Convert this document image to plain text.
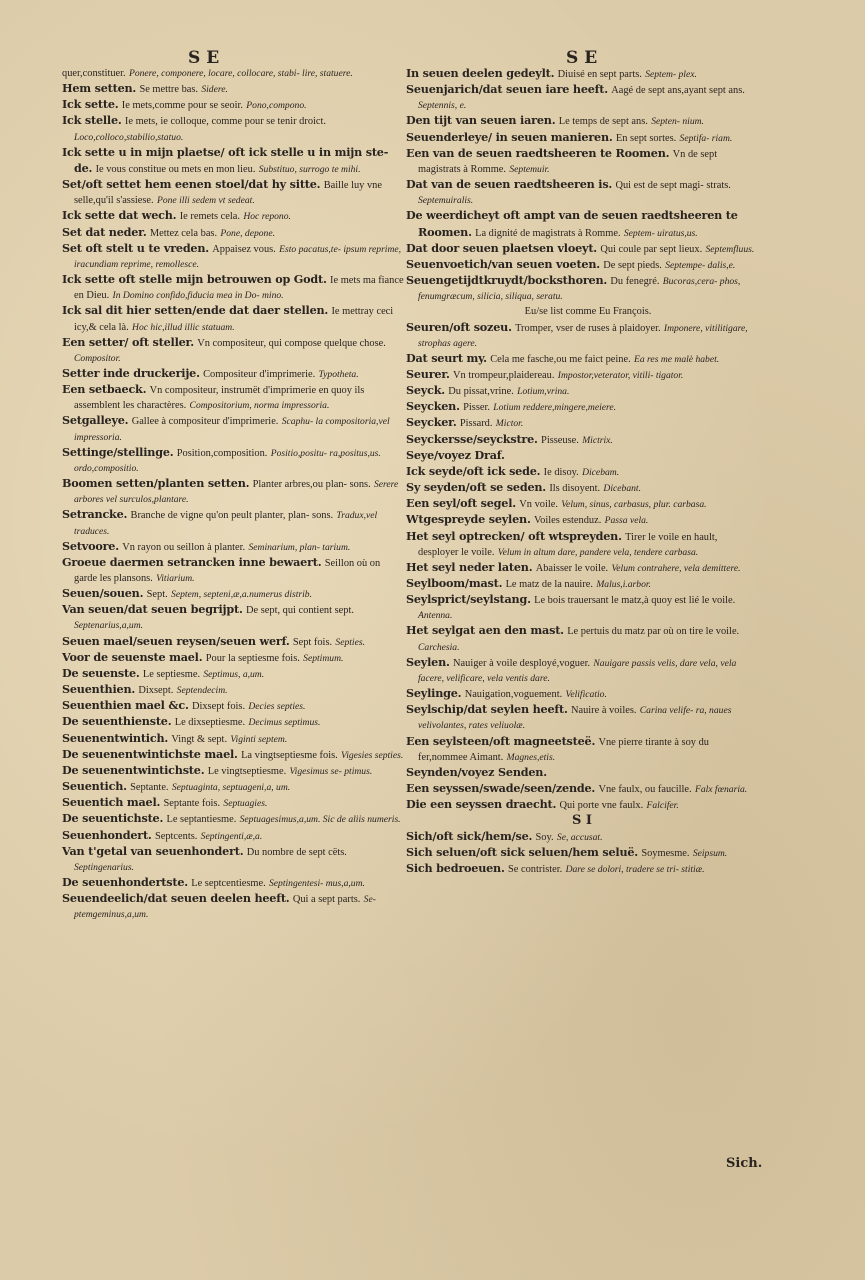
S E	S E

quer,constituer. Ponere, componere, locare, collocare, stabi- lire, statuere.

Hem setten. Se mettre bas. Sidere.

Ick sette. Ie mets,comme pour se seoir. Pono,compono.

Ick stelle. Ie mets, ie colloque, comme pour se tenir droict. Loco,colloco,stabilio,statuo.

Ick sette u in mijn plaetse/ oft ick stelle u in mijn ste- de. Ie vous constitue ou mets en mon lieu. Substituo, surrogo te mihi.

Set/oft settet hem eenen stoel/dat hy sitte. Baille luy vne selle,qu'il s'assiese. Pone illi sedem vt sedeat.

Ick sette dat wech. Ie remets cela. Hoc repono.

Set dat neder. Mettez cela bas. Pone, depone.

Set oft stelt u te vreden. Appaisez vous. Esto pacatus,te- ipsum reprime, iracundiam reprime, remollesce.

Ick sette oft stelle mijn betrouwen op Godt. Ie mets ma fiance en Dieu. In Domino confido,fiducia mea in Do- mino.

Ick sal dit hier setten/ende dat daer stellen. Ie mettray ceci icy,& cela là. Hoc hic,illud illic statuam.

Een setter/ oft steller. Vn compositeur, qui compose quelque chose. Compositor.

Setter inde druckerije. Compositeur d'imprimerie. Typotheta.

Een setbaeck. Vn compositeur, instrumët d'imprimerie en quoy ils assemblent les charactères. Compositorium, norma impressoria.

Setgalleye. Gallee à compositeur d'imprimerie. Scaphu- la compositoria,vel impressoria.

Settinge/stellinge. Position,composition. Positio,positu- ra,positus,us. ordo,compositio.

Boomen setten/planten setten. Planter arbres,ou plan- sons. Serere arbores vel surculos,plantare.

Setrancke. Branche de vigne qu'on peult planter, plan- sons. Tradux,vel traduces.

Setvoore. Vn rayon ou seillon à planter. Seminarium, plan- tarium.

Groeue daermen setrancken inne bewaert. Seillon où on garde les plansons. Vitiarium.

Seuen/souen. Sept. Septem, septeni,æ,a.numerus distrib.

Van seuen/dat seuen begrijpt. De sept, qui contient sept. Septenarius,a,um.

Seuen mael/seuen reysen/seuen werf. Sept fois. Septies.

Voor de seuenste mael. Pour la septiesme fois. Septimum.

De seuenste. Le septiesme. Septimus, a,um.

Seuenthien. Dixsept. Septendecim.

Seuenthien mael &c. Dixsept fois. Decies septies.

De seuenthienste. Le dixseptiesme. Decimus septimus.

Seuenentwintich. Vingt & sept. Viginti septem.

De seuenentwintichste mael. La vingtseptiesme fois. Vigesies septies.

De seuenentwintichste. Le vingtseptiesme. Vigesimus se- ptimus.

Seuentich. Septante. Septuaginta, septuageni,a, um.

Seuentich mael. Septante fois. Septuagies.

De seuentichste. Le septantiesme. Septuagesimus,a,um. Sic de aliis numeris.

Seuenhondert. Septcents. Septingenti,æ,a.

Van t'getal van seuenhondert. Du nombre de sept cëts. Septingenarius.

De seuenhondertste. Le septcentiesme. Septingentesi- mus,a,um.

Seuendeelich/dat seuen deelen heeft. Qui a sept parts. Se- ptemgeminus,a,um.

In seuen deelen gedeylt. Diuisé en sept parts. Septem- plex.

Seuenjarich/dat seuen iare heeft. Aagé de sept ans,ayant sept ans. Septennis, e.

Den tijt van seuen iaren. Le temps de sept ans. Septen- nium.

Seuenderleye/ in seuen manieren. En sept sortes. Septifa- riam.

Een van de seuen raedtsheeren te Roomen. Vn de sept magistrats à Romme. Septemuir.

Dat van de seuen raedtsheeren is. Qui est de sept magi- strats. Septemuiralis.

De weerdicheyt oft ampt van de seuen raedtsheeren te Roomen. La dignité de magistrats à Romme. Septem- uiratus,us.

Dat door seuen plaetsen vloeyt. Qui coule par sept lieux. Septemfluus.

Seuenvoetich/van seuen voeten. De sept pieds. Septempe- dalis,e.

Seuengetijdtkruydt/bocksthoren. Du fenegré. Bucoras,cera- phos, fenumgræcum, silicia, siliqua, seratu.

Eu/se list comme Eu François.

Seuren/oft sozeu. Tromper, vser de ruses à plaidoyer. Imponere, vitilitigare, strophas agere.

Dat seurt my. Cela me fasche,ou me faict peine. Ea res me malè habet.

Seurer. Vn trompeur,plaidereau. Impostor,veterator, vitili- tigator.

Seyck. Du pissat,vrine. Lotium,vrina.

Seycken. Pisser. Lotium reddere,mingere,meiere.

Seycker. Pissard. Mictor.

Seyckersse/seyckstre. Pisseuse. Mictrix.

Seye/voyez Draf.

Ick seyde/oft ick sede. Ie disoy. Dicebam.

Sy seyden/oft se seden. Ils disoyent. Dicebant.

Een seyl/oft segel. Vn voile. Velum, sinus, carbasus, plur. carbasa.

Wtgespreyde seylen. Voiles estenduz. Passa vela.

Het seyl optrecken/ oft wtspreyden. Tirer le voile en hault, desployer le voile. Velum in altum dare, pandere vela, tendere carbasa.

Het seyl neder laten. Abaisser le voile. Velum contrahere, vela demittere.

Seylboom/mast. Le matz de la nauire. Malus,i.arbor.

Seylsprict/seylstang. Le bois trauersant le matz,à quoy est lié le voile. Antenna.

Het seylgat aen den mast. Le pertuis du matz par où on tire le voile. Carchesia.

Seylen. Nauiger à voile desployé,voguer. Nauigare passis velis, dare vela, vela facere, velificare, vela ventis dare.

Seylinge. Nauigation,voguement. Velificatio.

Seylschip/dat seylen heeft. Nauire à voiles. Carina velife- ra, naues velivolantes, rates veliuolæ.

Een seylsteen/oft magneetsteë. Vne pierre tirante à soy du fer,nommee Aimant. Magnes,etis.

Seynden/voyez Senden.

Een seyssen/swade/seen/zende. Vne faulx, ou faucille. Falx fœnaria.

Die een seyssen draecht. Qui porte vne faulx. Falcifer.

S I

Sich/oft sick/hem/se. Soy. Se, accusat.

Sich seluen/oft sick seluen/hem seluë. Soymesme. Seipsum.

Sich bedroeuen. Se contrister. Dare se dolori, tradere se tri- stitiæ.

Sich.
